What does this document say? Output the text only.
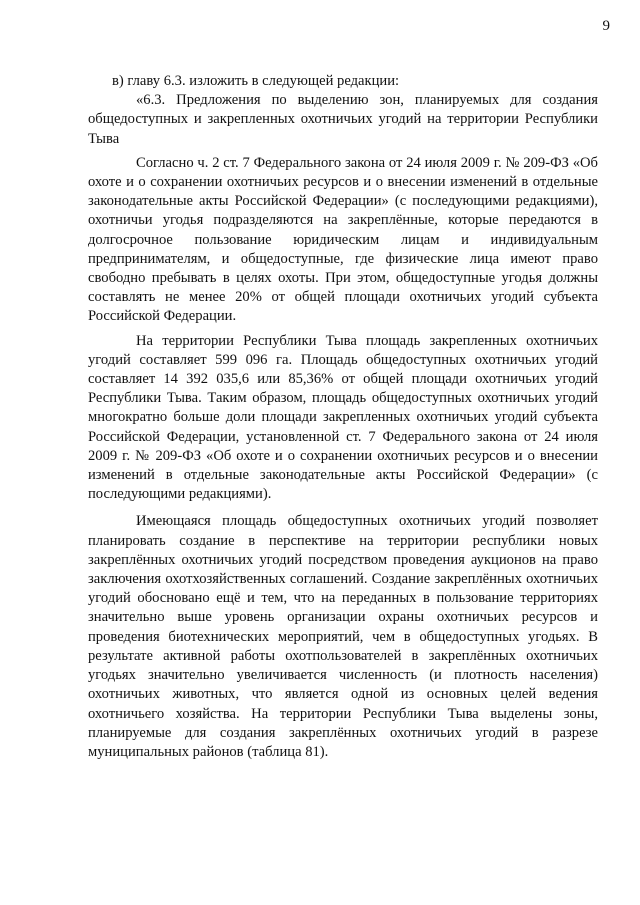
9

в) главу 6.3. изложить в следующей редакции:

«6.3. Предложения по выделению зон, планируемых для создания общедоступных и закрепленных охотничьих угодий на территории Республики Тыва

Согласно ч. 2 ст. 7 Федерального закона от 24 июля 2009 г. № 209-ФЗ «Об охоте и о сохранении охотничьих ресурсов и о внесении изменений в отдельные законодательные акты Российской Федерации» (с последующими редакциями), охотничьи угодья подразделяются на закреплённые, которые передаются в долгосрочное пользование юридическим лицам и индивидуальным предпринимателям, и общедоступные, где физические лица имеют право свободно пребывать в целях охоты. При этом, общедоступные угодья должны составлять не менее 20% от общей площади охотничьих угодий субъекта Российской Федерации.

На территории Республики Тыва площадь закрепленных охотничьих угодий составляет 599 096 га. Площадь общедоступных охотничьих угодий составляет 14 392 035,6 или 85,36% от общей площади охотничьих угодий Республики Тыва. Таким образом, площадь общедоступных охотничьих угодий многократно больше доли площади закрепленных охотничьих угодий субъекта Российской Федерации, установленной ст. 7 Федерального закона от 24 июля 2009 г. № 209-ФЗ «Об охоте и о сохранении охотничьих ресурсов и о внесении изменений в отдельные законодательные акты Российской Федерации» (с последующими редакциями).

Имеющаяся площадь общедоступных охотничьих угодий позволяет планировать создание в перспективе на территории республики новых закреплённых охотничьих угодий посредством проведения аукционов на право заключения охотхозяйственных соглашений. Создание закреплённых охотничьих угодий обосновано ещё и тем, что на переданных в пользование территориях значительно выше уровень организации охраны охотничьих ресурсов и проведения биотехнических мероприятий, чем в общедоступных угодьях. В результате активной работы охотпользователей в закреплённых охотничьих угодьях значительно увеличивается численность (и плотность населения) охотничьих животных, что является одной из основных целей ведения охотничьего хозяйства. На территории Республики Тыва выделены зоны, планируемые для создания закреплённых охотничьих угодий в разрезе муниципальных районов (таблица 81).
